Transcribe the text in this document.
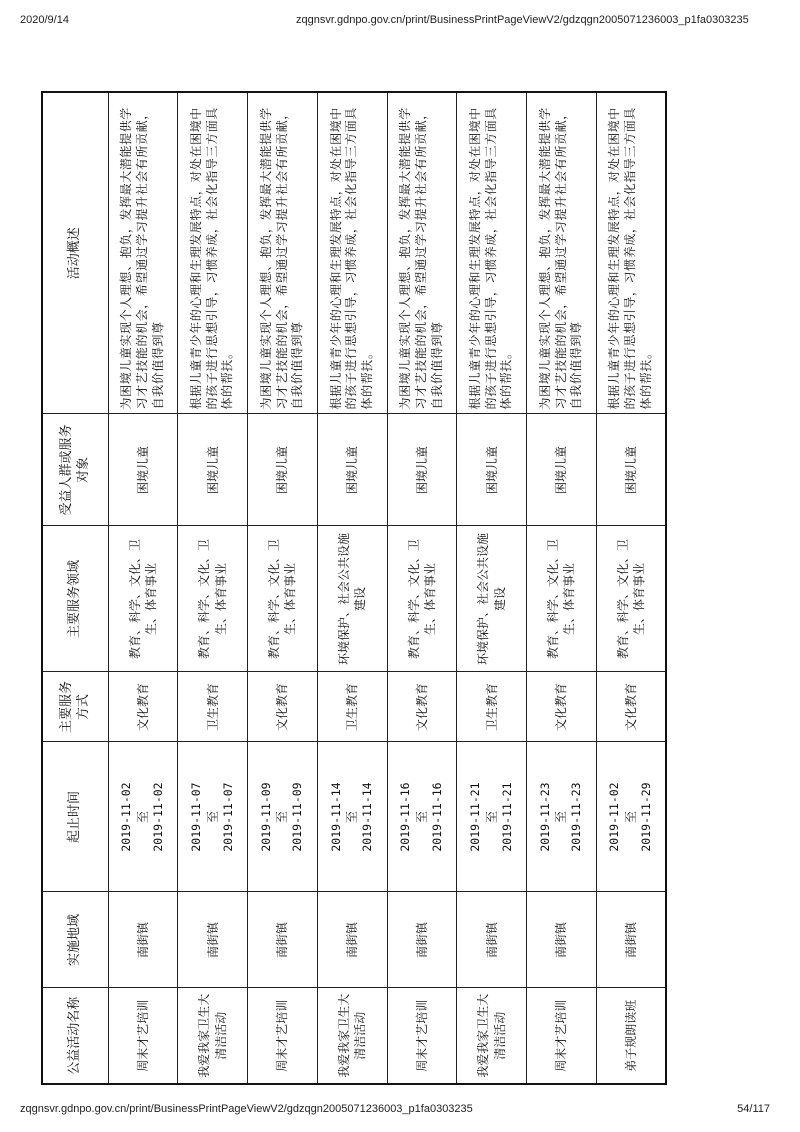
2020/9/14	zqgnsvr.gdnpo.gov.cn/print/BusinessPrintPageViewV2/gdzqgn2005071236003_p1fa0303235
公益活动名称	实施地域	起止时间	主要服务方式	主要服务领域	受益人群或服务对象	活动概述
周末才艺培训	南街镇	2019-11-02 至 2019-11-02	文化教育	教育、科学、文化、卫生、体育事业	困境儿童	为困境儿童实现个人理想、抱负，发挥最大潜能提供学习才艺技能的机会，希望通过学习提升社会有所贡献，自我价值得到尊
我爱我家卫生大清洁活动	南街镇	2019-11-07 至 2019-11-07	卫生教育	教育、科学、文化、卫生、体育事业	困境儿童	根据儿童青少年的心理和生理发展特点，对处在困境中的孩子进行思想引导，习惯养成，社会化指导三方面具体的帮扶。
周末才艺培训	南街镇	2019-11-09 至 2019-11-09	文化教育	教育、科学、文化、卫生、体育事业	困境儿童	为困境儿童实现个人理想、抱负，发挥最大潜能提供学习才艺技能的机会，希望通过学习提升社会有所贡献，自我价值得到尊
我爱我家卫生大清洁活动	南街镇	2019-11-14 至 2019-11-14	卫生教育	环境保护、社会公共设施建设	困境儿童	根据儿童青少年的心理和生理发展特点，对处在困境中的孩子进行思想引导，习惯养成，社会化指导三方面具体的帮扶。
周末才艺培训	南街镇	2019-11-16 至 2019-11-16	文化教育	教育、科学、文化、卫生、体育事业	困境儿童	为困境儿童实现个人理想、抱负，发挥最大潜能提供学习才艺技能的机会，希望通过学习提升社会有所贡献，自我价值得到尊
我爱我家卫生大清洁活动	南街镇	2019-11-21 至 2019-11-21	卫生教育	环境保护、社会公共设施建设	困境儿童	根据儿童青少年的心理和生理发展特点，对处在困境中的孩子进行思想引导，习惯养成，社会化指导三方面具体的帮扶。
周末才艺培训	南街镇	2019-11-23 至 2019-11-23	文化教育	教育、科学、文化、卫生、体育事业	困境儿童	为困境儿童实现个人理想、抱负，发挥最大潜能提供学习才艺技能的机会，希望通过学习提升社会有所贡献，自我价值得到尊
弟子规朗读班	南街镇	2019-11-02 至 2019-11-29	文化教育	教育、科学、文化、卫生、体育事业	困境儿童	根据儿童青少年的心理和生理发展特点，对处在困境中的孩子进行思想引导，习惯养成，社会化指导三方面具体的帮扶。
zqgnsvr.gdnpo.gov.cn/print/BusinessPrintPageViewV2/gdzqgn2005071236003_p1fa0303235	54/117
